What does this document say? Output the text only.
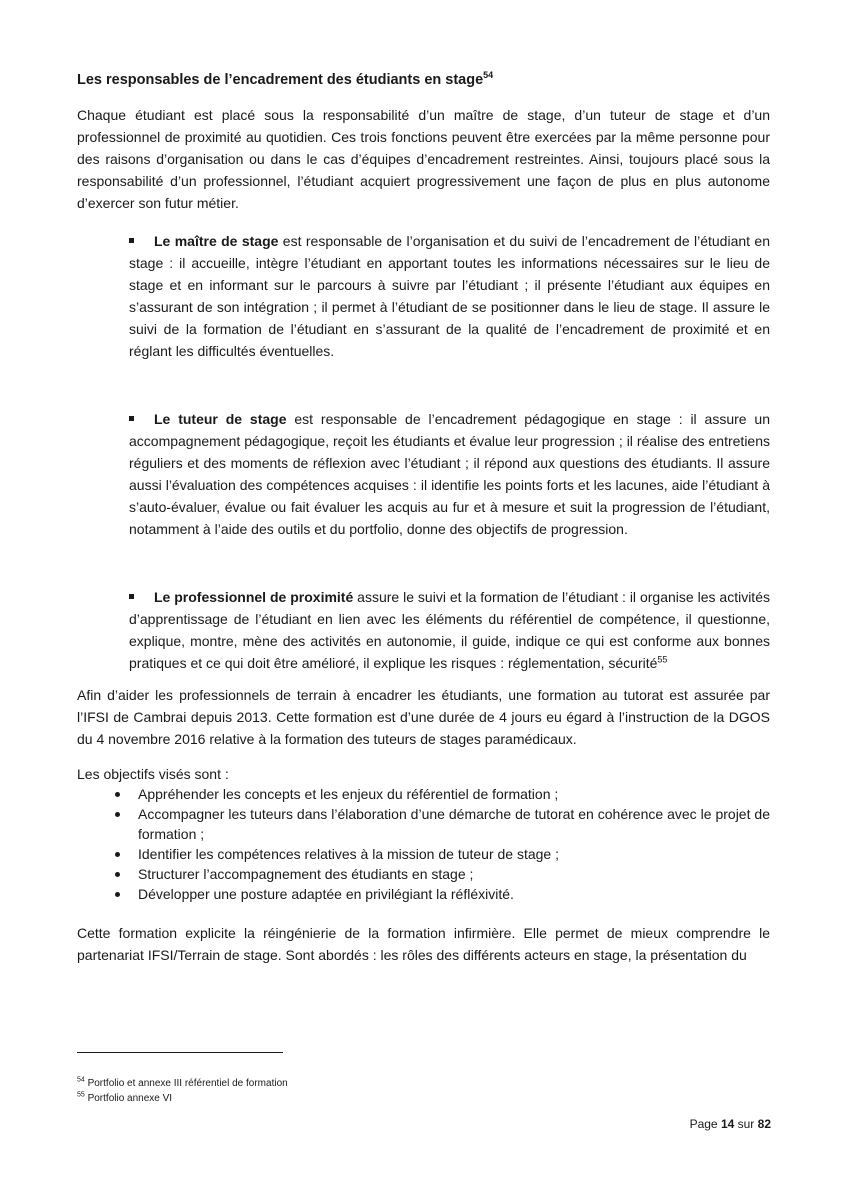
Les responsables de l’encadrement des étudiants en stage$^{54}$

Chaque étudiant est placé sous la responsabilité d’un maître de stage, d’un tuteur de stage et d’un professionnel de proximité au quotidien. Ces trois fonctions peuvent être exercées par la même personne pour des raisons d’organisation ou dans le cas d’équipes d’encadrement restreintes. Ainsi, toujours placé sous la responsabilité d’un professionnel, l’étudiant acquiert progressivement une façon de plus en plus autonome d’exercer son futur métier.

Le maître de stage est responsable de l’organisation et du suivi de l’encadrement de l’étudiant en stage : il accueille, intègre l’étudiant en apportant toutes les informations nécessaires sur le lieu de stage et en informant sur le parcours à suivre par l’étudiant ; il présente l’étudiant aux équipes en s’assurant de son intégration ; il permet à l’étudiant de se positionner dans le lieu de stage. Il assure le suivi de la formation de l’étudiant en s’assurant de la qualité de l’encadrement de proximité et en réglant les difficultés éventuelles.
Le tuteur de stage est responsable de l’encadrement pédagogique en stage : il assure un accompagnement pédagogique, reçoit les étudiants et évalue leur progression ; il réalise des entretiens réguliers et des moments de réflexion avec l’étudiant ; il répond aux questions des étudiants. Il assure aussi l’évaluation des compétences acquises : il identifie les points forts et les lacunes, aide l’étudiant à s’auto-évaluer, évalue ou fait évaluer les acquis au fur et à mesure et suit la progression de l’étudiant, notamment à l’aide des outils et du portfolio, donne des objectifs de progression.
Le professionnel de proximité assure le suivi et la formation de l’étudiant : il organise les activités d’apprentissage de l’étudiant en lien avec les éléments du référentiel de compétence, il questionne, explique, montre, mène des activités en autonomie, il guide, indique ce qui est conforme aux bonnes pratiques et ce qui doit être amélioré, il explique les risques : réglementation, sécurité$^{55}$

Afin d’aider les professionnels de terrain à encadrer les étudiants, une formation au tutorat est assurée par l’IFSI de Cambrai depuis 2013. Cette formation est d’une durée de 4 jours eu égard à l’instruction de la DGOS du 4 novembre 2016 relative à la formation des tuteurs de stages paramédicaux.

Les objectifs visés sont :

Appréhender les concepts et les enjeux du référentiel de formation ;
Accompagner les tuteurs dans l’élaboration d’une démarche de tutorat en cohérence avec le projet de formation ;
Identifier les compétences relatives à la mission de tuteur de stage ;
Structurer l’accompagnement des étudiants en stage ;
Développer une posture adaptée en privilégiant la réfléxivité.

Cette formation explicite la réingénierie de la formation infirmière. Elle permet de mieux comprendre le partenariat IFSI/Terrain de stage. Sont abordés : les rôles des différents acteurs en stage, la présentation du

$^{54}$ Portfolio et annexe III référentiel de formation
$^{55}$ Portfolio annexe VI
Page 14 sur 82
